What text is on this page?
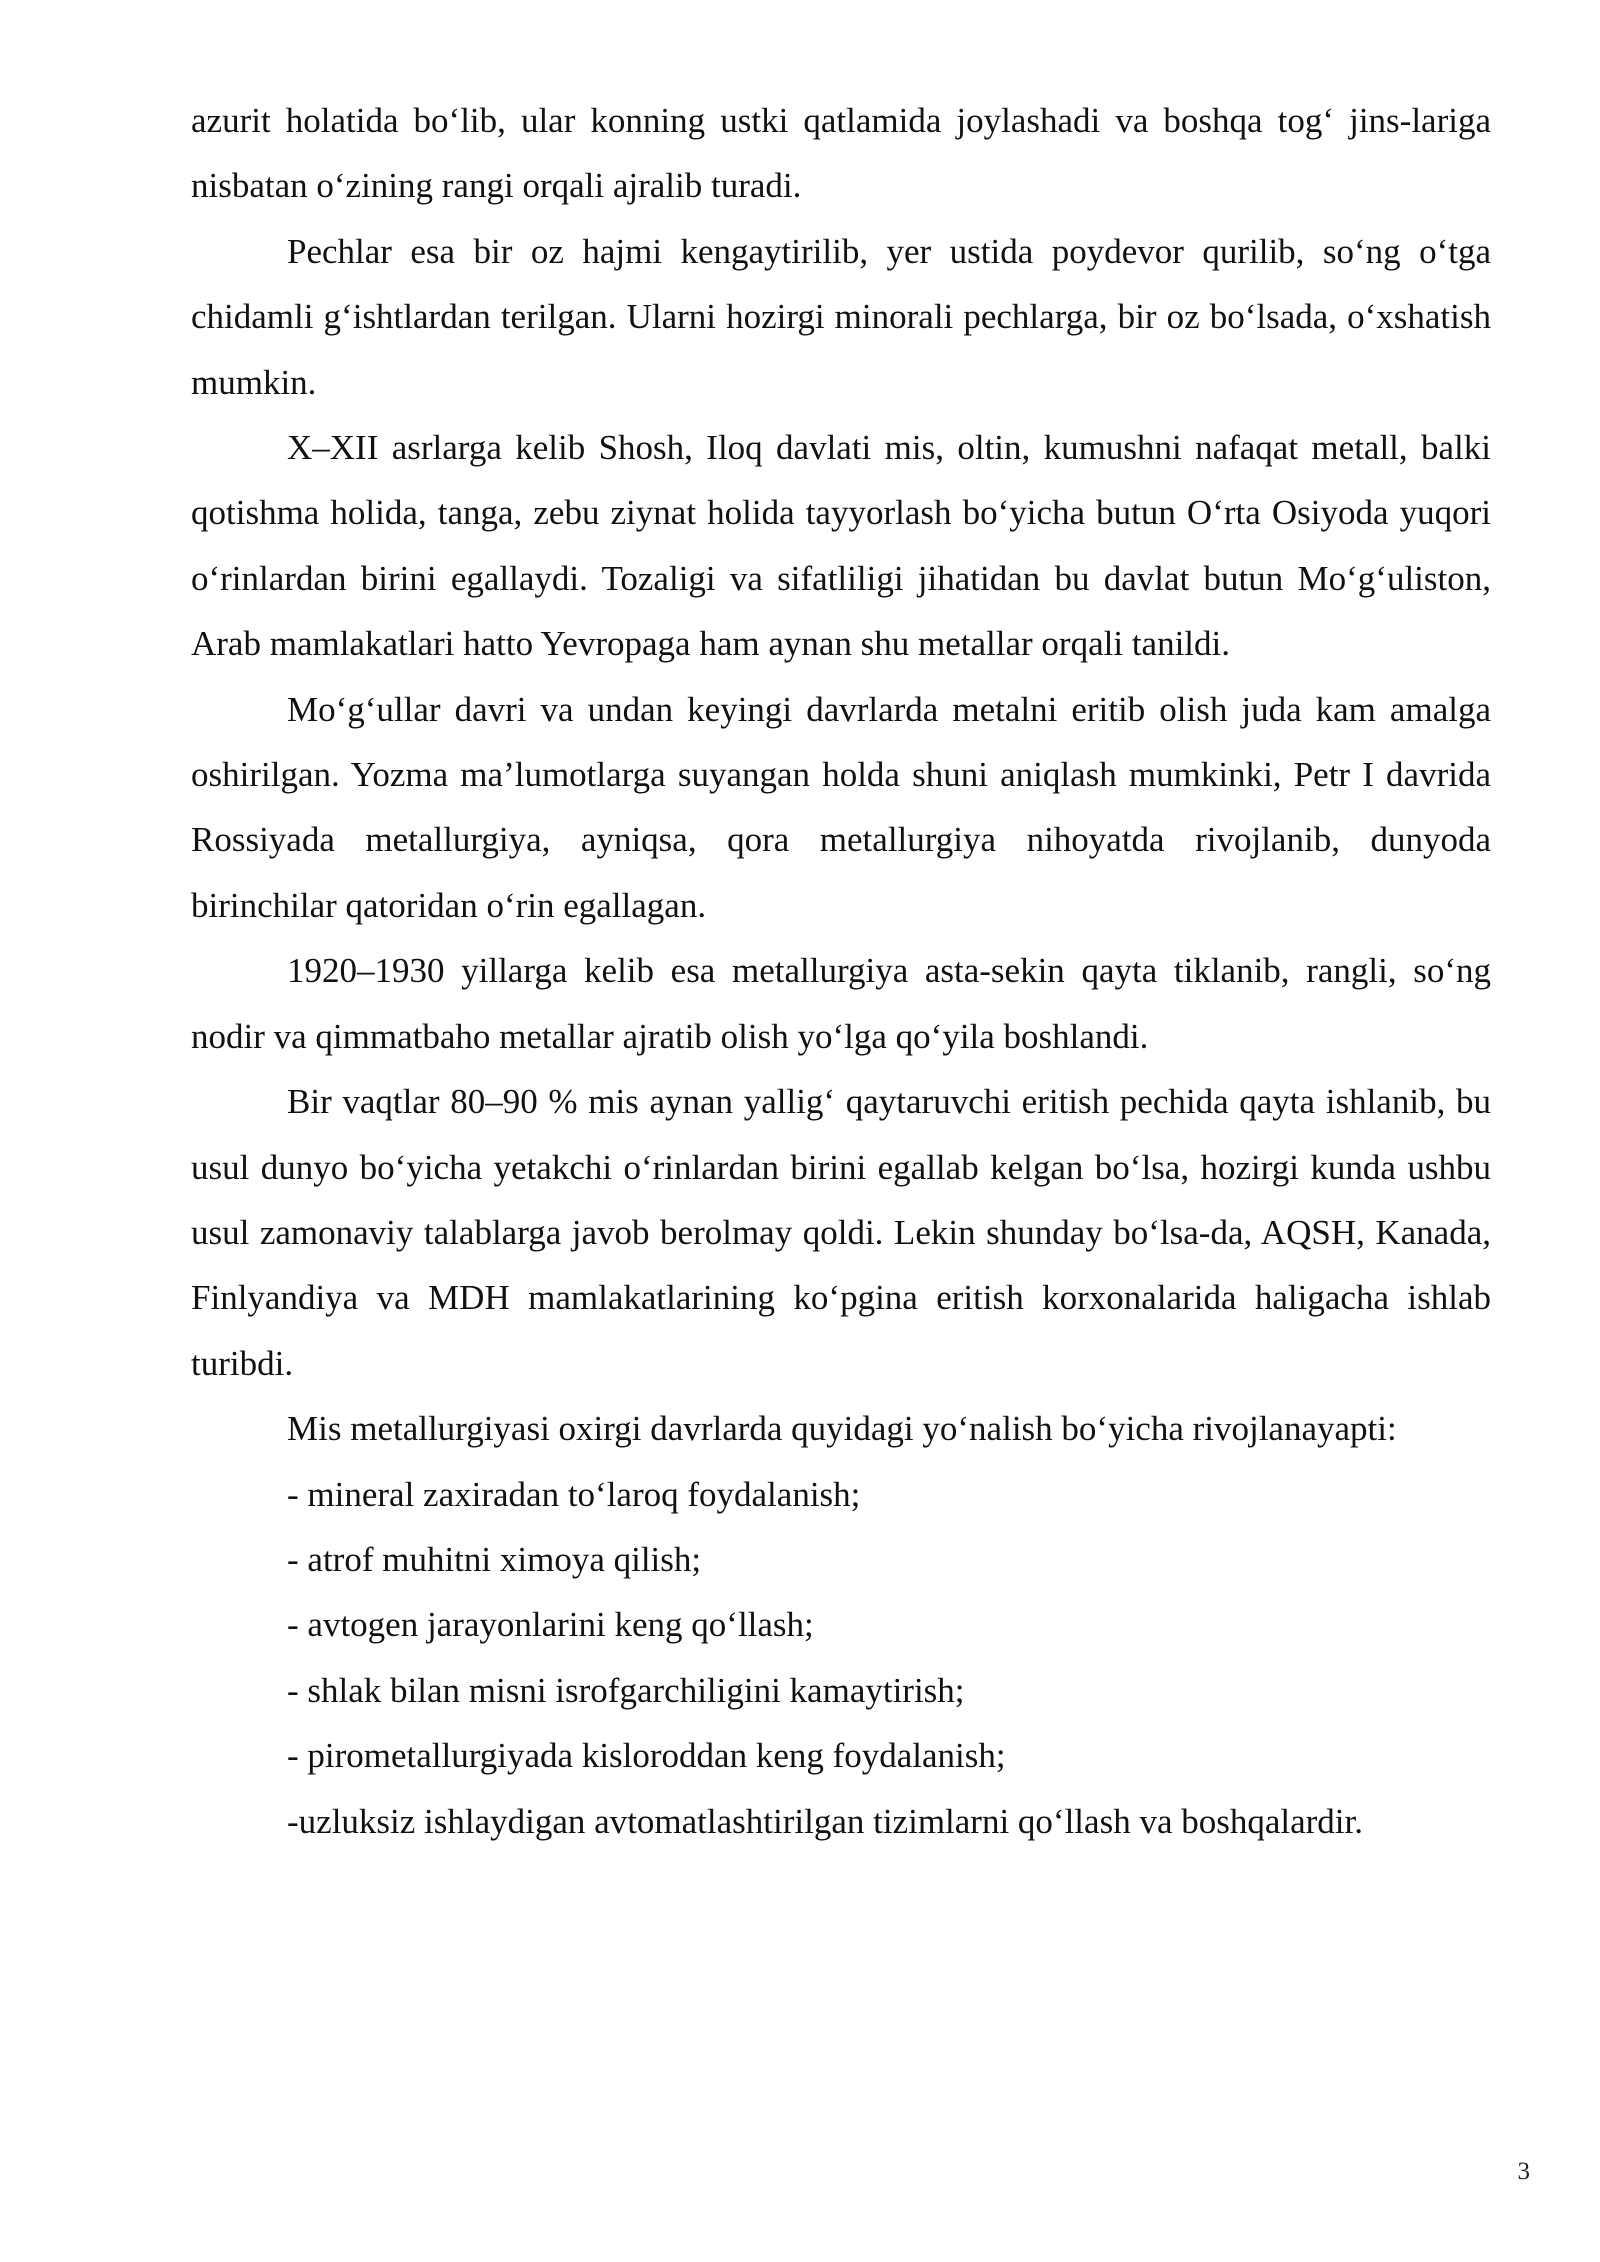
azurit holatida bo‘lib, ular konning ustki qatlamida joylashadi va boshqa tog‘ jins-lariga nisbatan o‘zining rangi orqali ajralib turadi.

Pechlar esa bir oz hajmi kengaytirilib, yer ustida poydevor qurilib, so‘ng o‘tga chidamli g‘ishtlardan terilgan. Ularni hozirgi minorali pechlarga, bir oz bo‘lsada, o‘xshatish mumkin.

X–XII asrlarga kelib Shosh, Iloq davlati mis, oltin, kumushni nafaqat metall, balki qotishma holida, tanga, zebu ziynat holida tayyorlash bo‘yicha butun O‘rta Osiyoda yuqori o‘rinlardan birini egallaydi. Tozaligi va sifatliligi jihatidan bu davlat butun Mo‘g‘uliston, Arab mamlakatlari hatto Yevropaga ham aynan shu metallar orqali tanildi.

Mo‘g‘ullar davri va undan keyingi davrlarda metalni eritib olish juda kam amalga oshirilgan. Yozma ma’lumotlarga suyangan holda shuni aniqlash mumkinki, Petr I davrida Rossiyada metallurgiya, ayniqsa, qora metallurgiya nihoyatda rivojlanib, dunyoda birinchilar qatoridan o‘rin egallagan.

1920–1930 yillarga kelib esa metallurgiya asta-sekin qayta tiklanib, rangli, so‘ng nodir va qimmatbaho metallar ajratib olish yo‘lga qo‘yila boshlandi.

Bir vaqtlar 80–90 % mis aynan yallig‘ qaytaruvchi eritish pechida qayta ishlanib, bu usul dunyo bo‘yicha yetakchi o‘rinlardan birini egallab kelgan bo‘lsa, hozirgi kunda ushbu usul zamonaviy talablarga javob berolmay qoldi. Lekin shunday bo‘lsa-da, AQSH, Kanada, Finlyandiya va MDH mamlakatlarining ko‘pgina eritish korxonalarida haligacha ishlab turibdi.

Mis metallurgiyasi oxirgi davrlarda quyidagi yo‘nalish bo‘yicha rivojlanayapti:

- mineral zaxiradan to‘laroq foydalanish;

- atrof muhitni ximoya qilish;

- avtogen jarayonlarini keng qo‘llash;

- shlak bilan misni isrofgarchiligini kamaytirish;

- pirometallurgiyada kisloroddan keng foydalanish;

-uzluksiz ishlaydigan avtomatlashtirilgan tizimlarni qo‘llash va boshqalardir.

3
